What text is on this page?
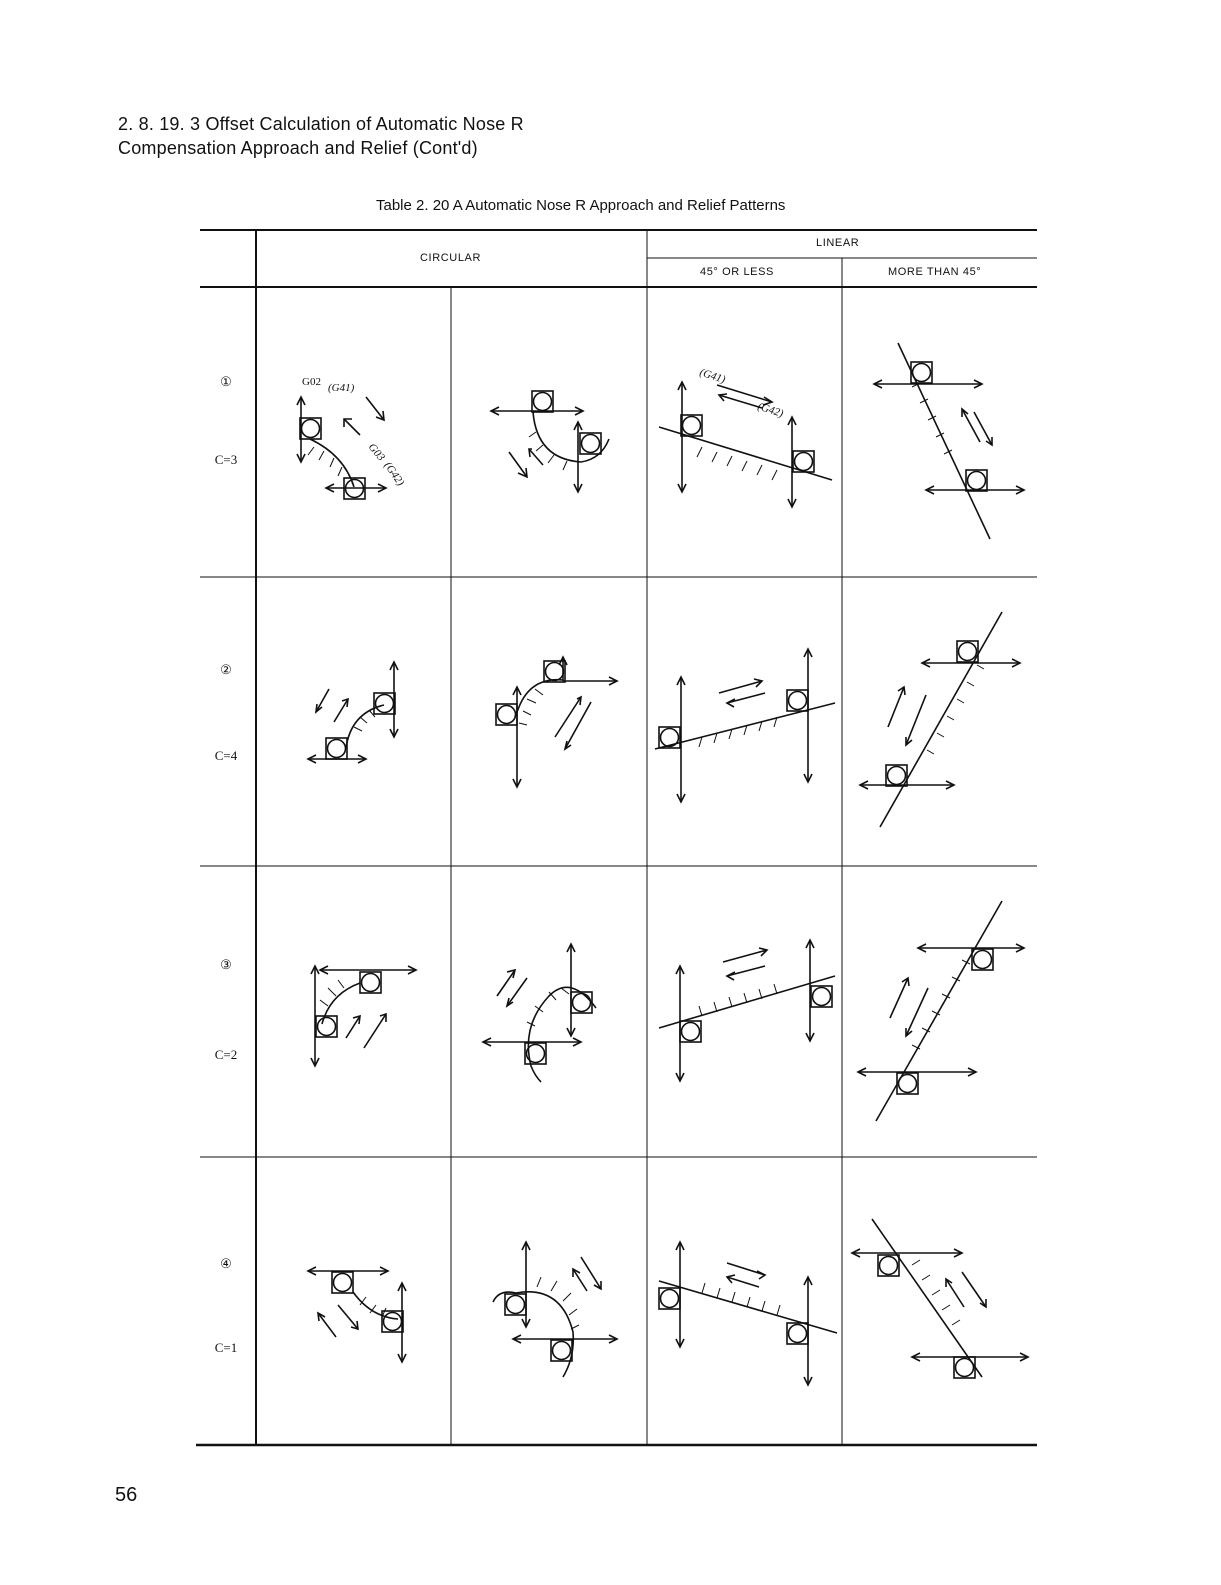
2. 8. 19. 3 Offset Calculation of Automatic Nose R
Compensation Approach and Relief (Cont'd)
Table 2. 20 A Automatic Nose R Approach and Relief Patterns
CIRCULAR
LINEAR
45° OR LESS	MORE THAN 45°
①
C=3
②
C=4
③
C=2
④
C=1
G02 (G41)
G03
(G42)
(G41)
(G42)
56
